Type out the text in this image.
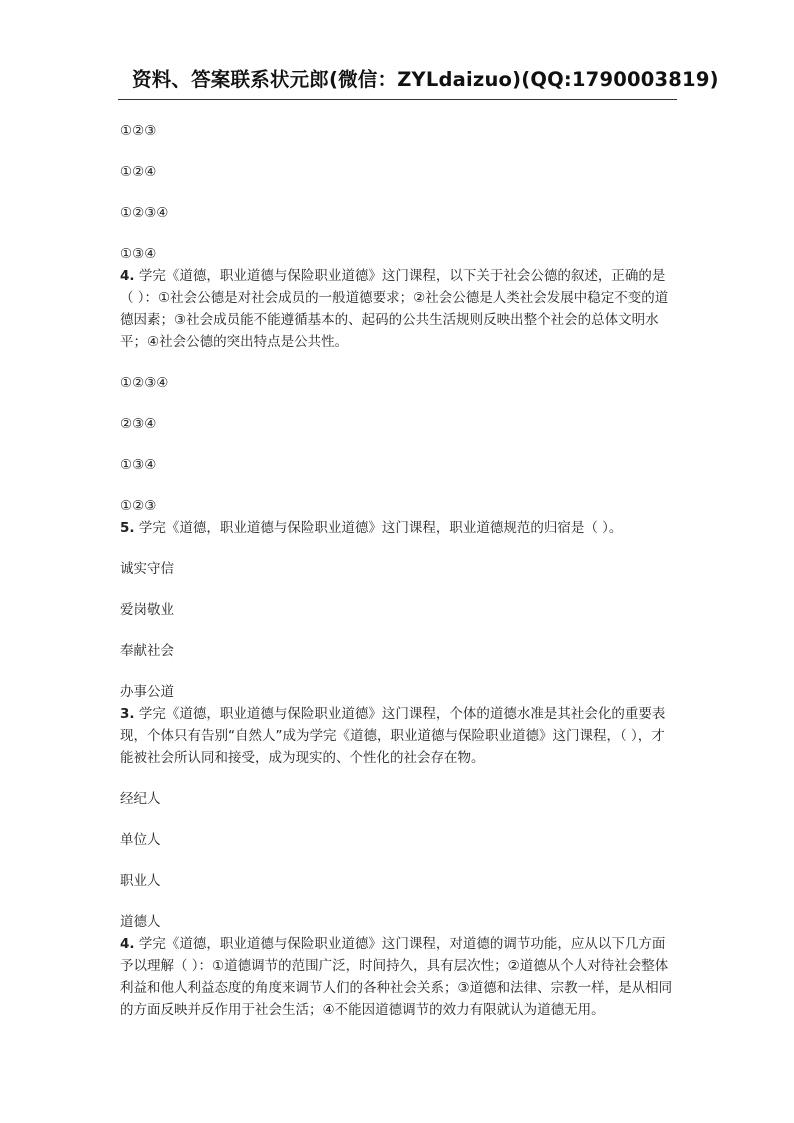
资料、答案联系状元郎(微信：ZYLdaizuo)(QQ:1790003819)

①②③

①②④

①②③④

①③④

4. 学完《道德，职业道德与保险职业道德》这门课程，以下关于社会公德的叙述，正确的是（ ）：①社会公德是对社会成员的一般道德要求；②社会公德是人类社会发展中稳定不变的道德因素；③社会成员能不能遵循基本的、起码的公共生活规则反映出整个社会的总体文明水平；④社会公德的突出特点是公共性。

①②③④

②③④

①③④

①②③

5. 学完《道德，职业道德与保险职业道德》这门课程，职业道德规范的归宿是（ ）。

诚实守信

爱岗敬业

奉献社会

办事公道

3. 学完《道德，职业道德与保险职业道德》这门课程，个体的道德水准是其社会化的重要表现，个体只有告别“自然人”成为学完《道德，职业道德与保险职业道德》这门课程，（ ），才能被社会所认同和接受，成为现实的、个性化的社会存在物。

经纪人

单位人

职业人

道德人

4. 学完《道德，职业道德与保险职业道德》这门课程，对道德的调节功能，应从以下几方面予以理解（ ）：①道德调节的范围广泛，时间持久，具有层次性；②道德从个人对待社会整体利益和他人利益态度的角度来调节人们的各种社会关系；③道德和法律、宗教一样，是从相同的方面反映并反作用于社会生活；④不能因道德调节的效力有限就认为道德无用。
